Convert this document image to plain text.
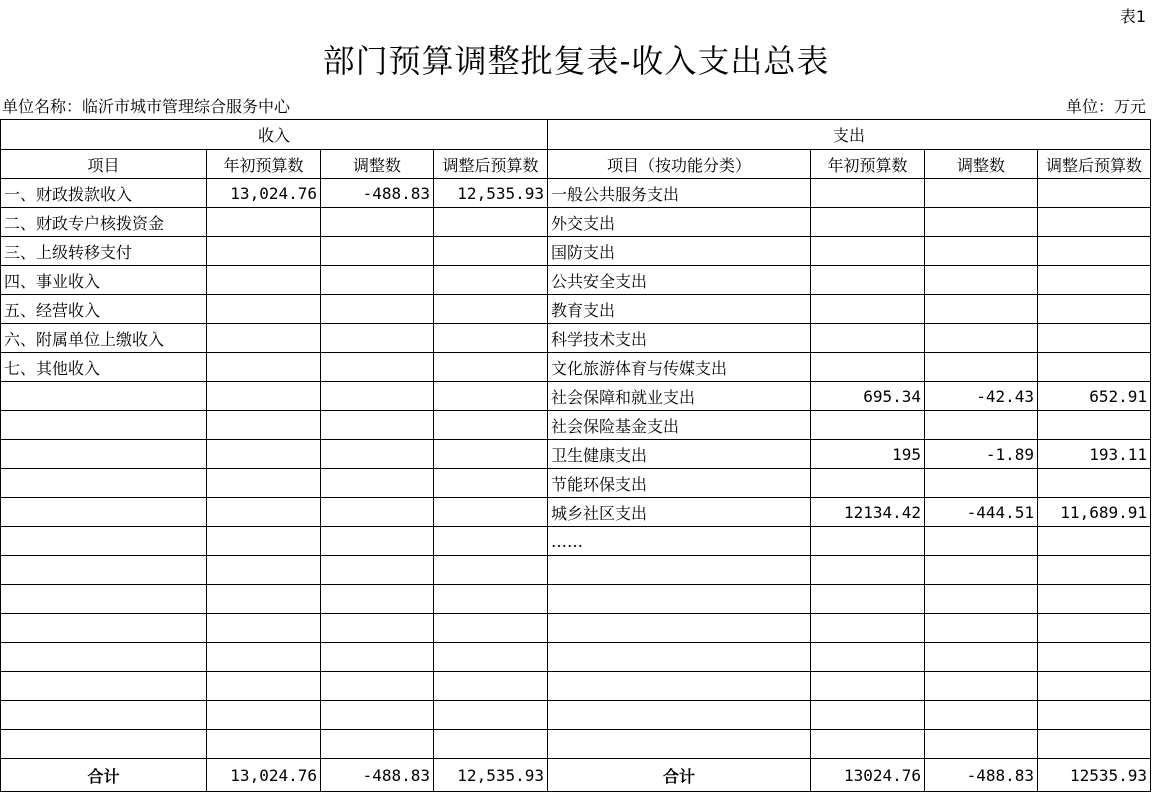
表1
部门预算调整批复表-收入支出总表
单位名称：临沂市城市管理综合服务中心	单位：万元
收入				支出			
项目	年初预算数	调整数	调整后预算数	项目（按功能分类）	年初预算数	调整数	调整后预算数
一、财政拨款收入	13,024.76	-488.83	12,535.93	一般公共服务支出			
二、财政专户核拨资金				外交支出			
三、上级转移支付				国防支出			
四、事业收入				公共安全支出			
五、经营收入				教育支出			
六、附属单位上缴收入				科学技术支出			
七、其他收入				文化旅游体育与传媒支出			
				社会保障和就业支出	695.34	-42.43	652.91
				社会保险基金支出			
				卫生健康支出	195	-1.89	193.11
				节能环保支出			
				城乡社区支出	12134.42	-444.51	11,689.91
				……			

合计	13,024.76	-488.83	12,535.93	合计	13024.76	-488.83	12535.93
